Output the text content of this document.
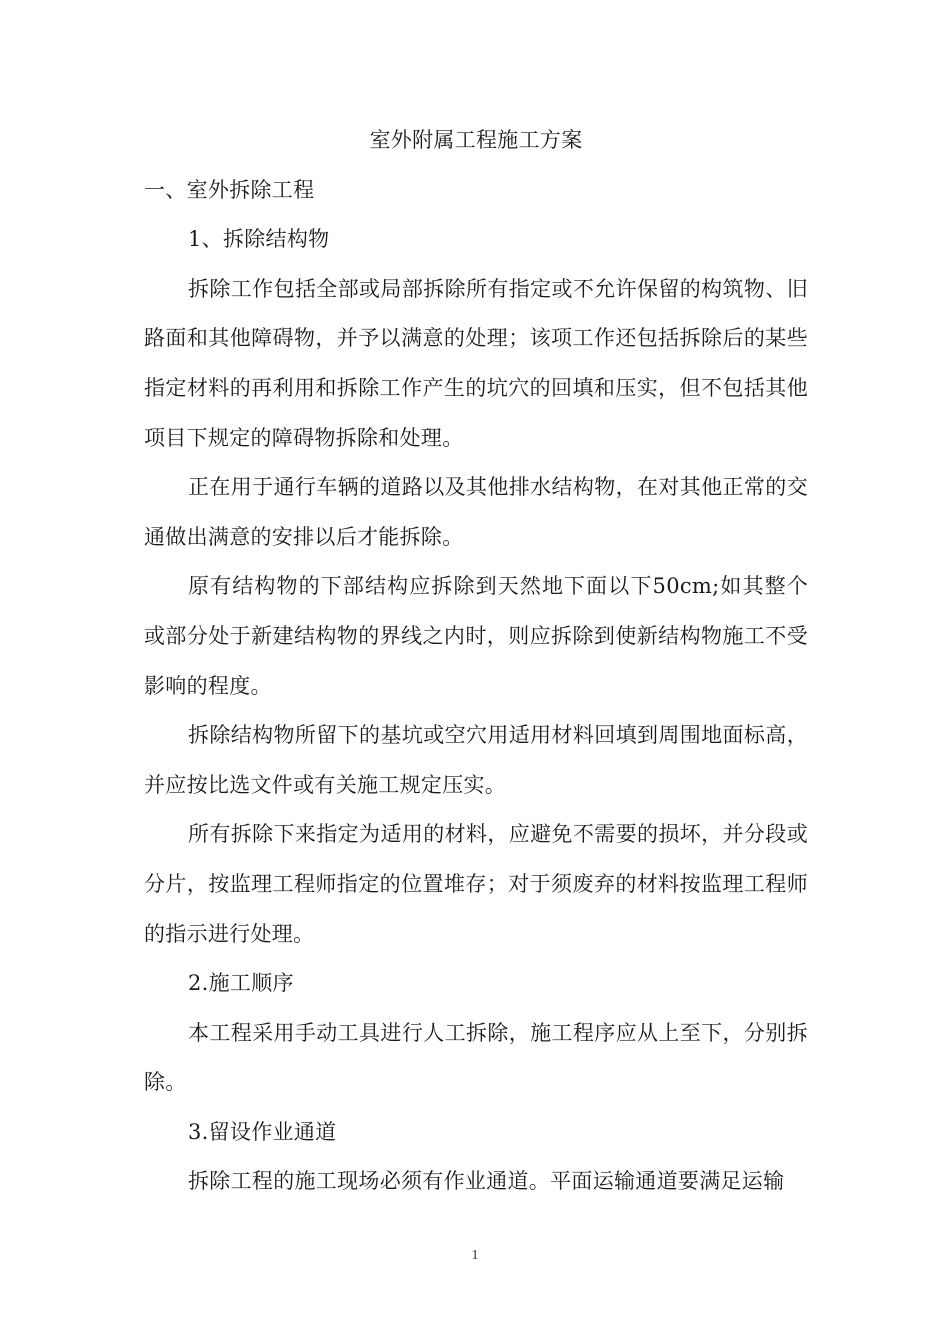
室外附属工程施工方案
一、室外拆除工程
1、拆除结构物
拆除工作包括全部或局部拆除所有指定或不允许保留的构筑物、旧路面和其他障碍物，并予以满意的处理；该项工作还包括拆除后的某些指定材料的再利用和拆除工作产生的坑穴的回填和压实，但不包括其他项目下规定的障碍物拆除和处理。
正在用于通行车辆的道路以及其他排水结构物，在对其他正常的交通做出满意的安排以后才能拆除。
原有结构物的下部结构应拆除到天然地下面以下50cm;如其整个或部分处于新建结构物的界线之内时，则应拆除到使新结构物施工不受影响的程度。
拆除结构物所留下的基坑或空穴用适用材料回填到周围地面标高，并应按比选文件或有关施工规定压实。
所有拆除下来指定为适用的材料，应避免不需要的损坏，并分段或分片，按监理工程师指定的位置堆存；对于须废弃的材料按监理工程师的指示进行处理。
2.施工顺序
本工程采用手动工具进行人工拆除，施工程序应从上至下，分别拆除。
3.留设作业通道
拆除工程的施工现场必须有作业通道。平面运输通道要满足运输
1
